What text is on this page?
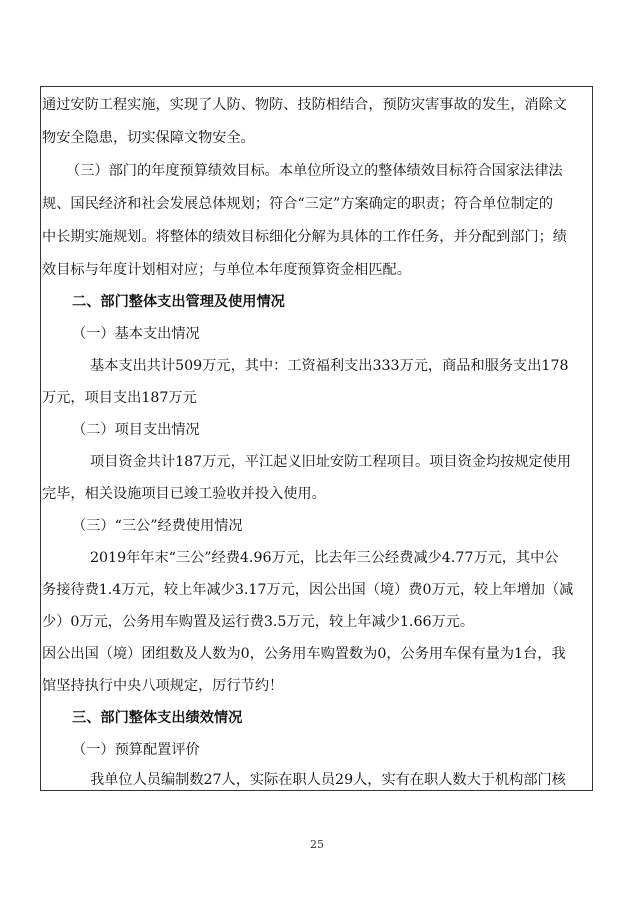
通过安防工程实施，实现了人防、物防、技防相结合，预防灾害事故的发生，消除文
物安全隐患，切实保障文物安全。
（三）部门的年度预算绩效目标。本单位所设立的整体绩效目标符合国家法律法
规、国民经济和社会发展总体规划；符合“三定”方案确定的职责；符合单位制定的
中长期实施规划。将整体的绩效目标细化分解为具体的工作任务，并分配到部门；绩
效目标与年度计划相对应；与单位本年度预算资金相匹配。
二、部门整体支出管理及使用情况
（一）基本支出情况
基本支出共计509万元，其中：工资福利支出333万元，商品和服务支出178
万元，项目支出187万元
（二）项目支出情况
项目资金共计187万元，平江起义旧址安防工程项目。项目资金均按规定使用
完毕，相关设施项目已竣工验收并投入使用。
（三）“三公”经费使用情况
2019年年末“三公”经费4.96万元，比去年三公经费减少4.77万元，其中公
务接待费1.4万元，较上年减少3.17万元，因公出国（境）费0万元，较上年增加（减
少）0万元，公务用车购置及运行费3.5万元，较上年减少1.66万元。
因公出国（境）团组数及人数为0，公务用车购置数为0，公务用车保有量为1台，我
馆坚持执行中央八项规定，厉行节约！
三、部门整体支出绩效情况
（一）预算配置评价
我单位人员编制数27人，实际在职人员29人，实有在职人数大于机构部门核
25
